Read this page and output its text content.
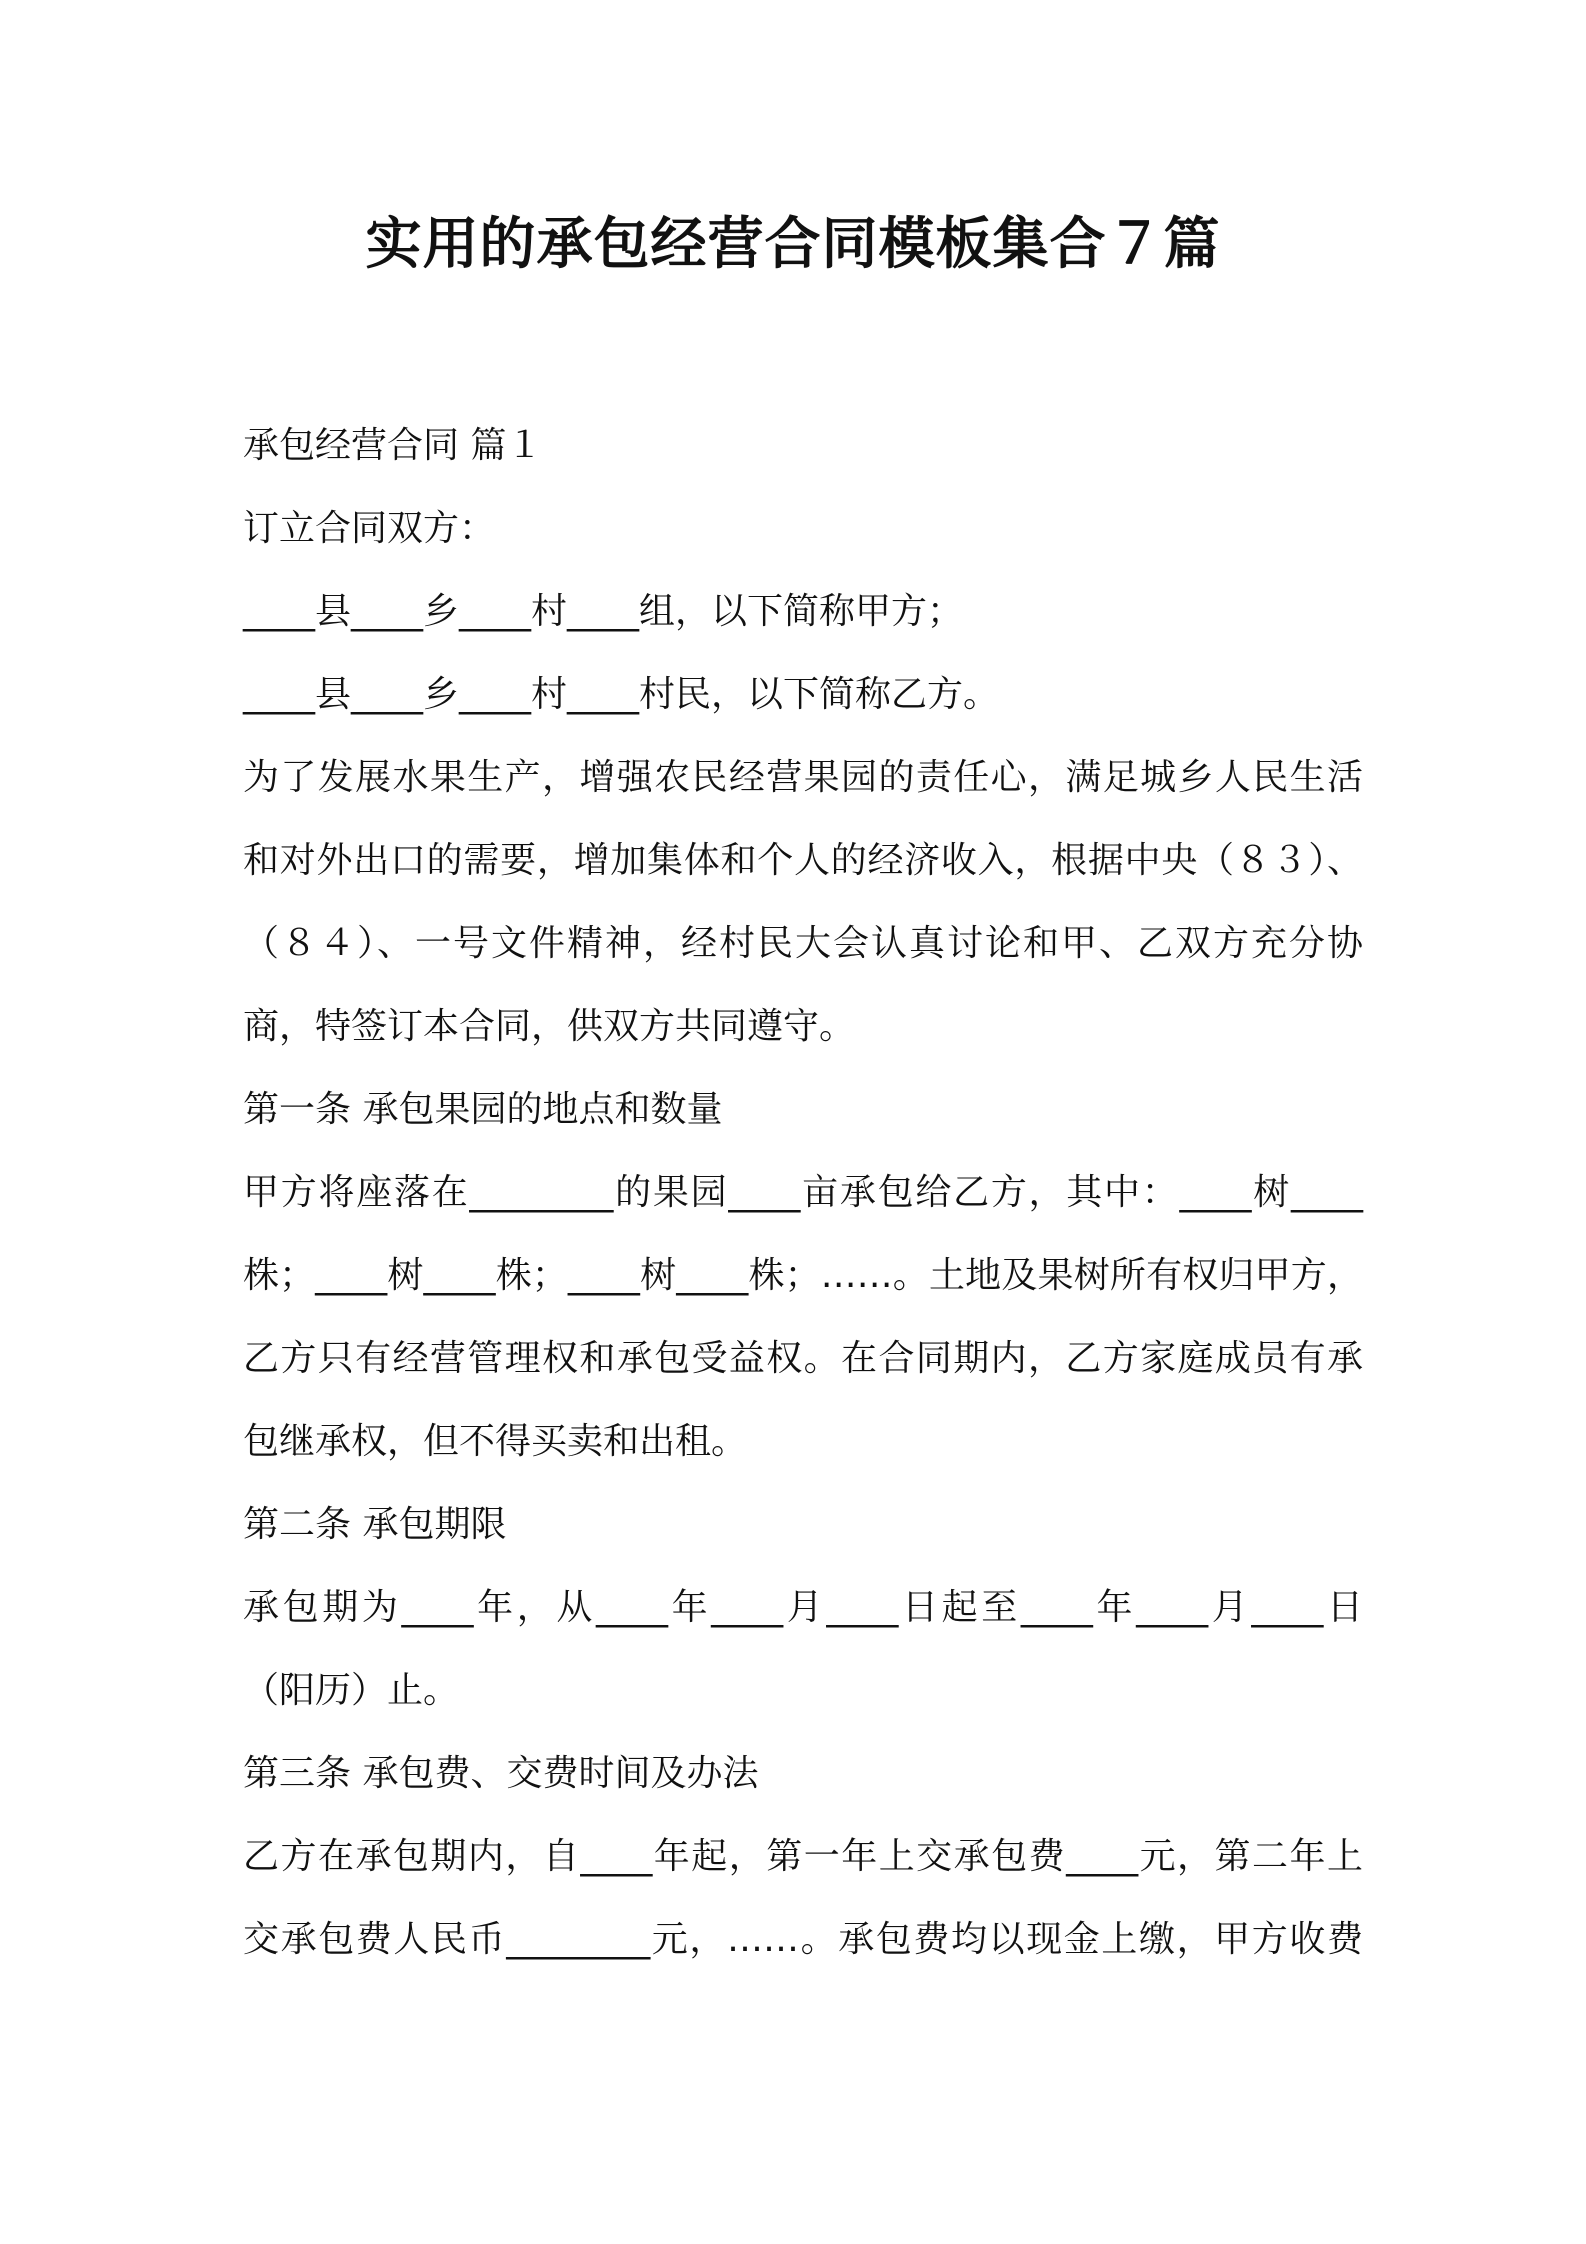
实用的承包经营合同模板集合７篇
承包经营合同 篇１
订立合同双方：
____县____乡____村____组，以下简称甲方；
____县____乡____村____村民，以下简称乙方。
为了发展水果生产，增强农民经营果园的责任心，满足城乡人民生活
和对外出口的需要，增加集体和个人的经济收入，根据中央（８３）、
（８４）、一号文件精神，经村民大会认真讨论和甲、乙双方充分协
商，特签订本合同，供双方共同遵守。
第一条 承包果园的地点和数量
甲方将座落在________的果园____亩承包给乙方，其中：____树____
株；____树____株；____树____株；……。土地及果树所有权归甲方，
乙方只有经营管理权和承包受益权。在合同期内，乙方家庭成员有承
包继承权，但不得买卖和出租。
第二条 承包期限
承包期为____年，从____年____月____日起至____年____月____日
（阳历）止。
第三条 承包费、交费时间及办法
乙方在承包期内，自____年起，第一年上交承包费____元，第二年上
交承包费人民币________元，……。承包费均以现金上缴，甲方收费
